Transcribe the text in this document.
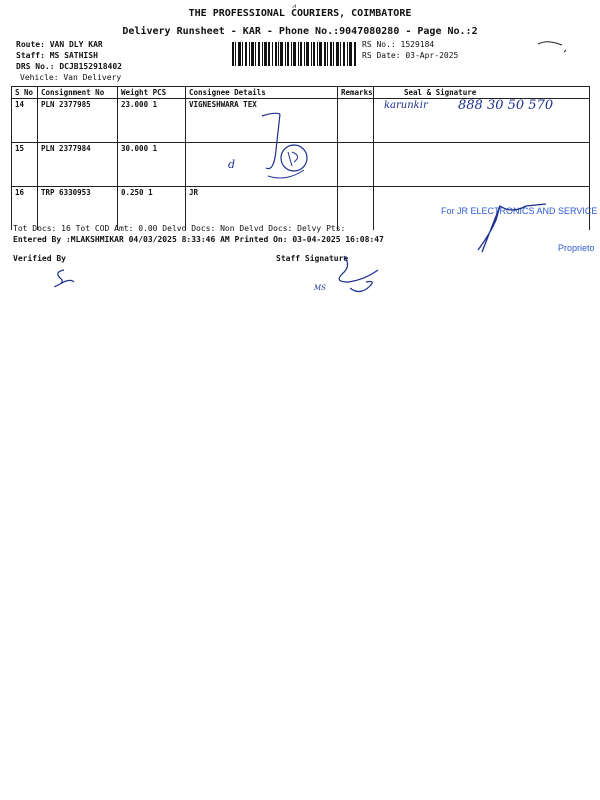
THE PROFESSIONAL COURIERS, COIMBATORE
⩘
Delivery Runsheet - KAR - Phone No.:9047080280 - Page No.:2
Route: VAN DLY KAR
Staff: MS SATHISH
DRS No.: DCJB152918402
Vehicle: Van Delivery
RS No.: 1529184
RS Date: 03-Apr-2025
S No	Consignment No	Weight PCS	Consignee Details	Remarks	Seal & Signature
14	PLN 2377985	23.000 1	VIGNESHWARA TEX		
15	PLN 2377984	30.000 1			
16	TRP 6330953	0.250 1	JR		
karunkir 888 30 50 570
d
For JR ELECTRONICS AND SERVICE
Proprieto
Tot Docs: 16 Tot COD Amt: 0.00 Delvd Docs: Non Delvd Docs: Delvy Pts:
Entered By :MLAKSHMIKAR 04/03/2025 8:33:46 AM Printed On: 03-04-2025 16:08:47
Verified By	Staff Signature
MS
